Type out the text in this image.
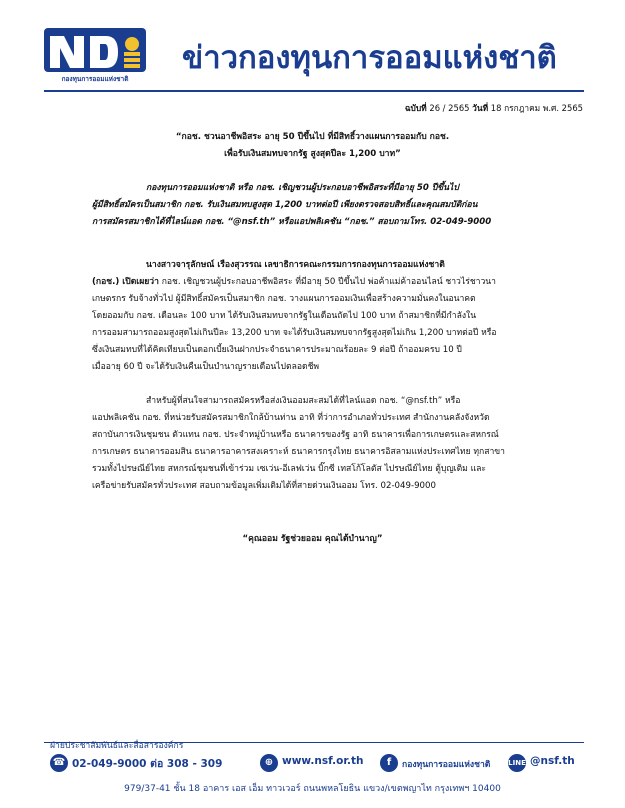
กองทุนการออมแห่งชาติ
ข่าวกองทุนการออมแห่งชาติ
ฉบับที่ 26 / 2565 วันที่ 18 กรกฎาคม พ.ศ. 2565
“กอช. ชวนอาชีพอิสระ อายุ 50 ปีขึ้นไป ที่มีสิทธิ์วางแผนการออมกับ กอช.
เพื่อรับเงินสมทบจากรัฐ สูงสุดปีละ 1,200 บาท”
กองทุนการออมแห่งชาติ หรือ กอช. เชิญชวนผู้ประกอบอาชีพอิสระที่มีอายุ 50 ปีขึ้นไป
ผู้มีสิทธิ์สมัครเป็นสมาชิก กอช. รับเงินสมทบสูงสุด 1,200 บาทต่อปี เพียงตรวจสอบสิทธิ์และคุณสมบัติก่อน
การสมัครสมาชิกได้ที่ไลน์แอด กอช. “@nsf.th” หรือแอปพลิเคชัน “กอช.” สอบถามโทร. 02-049-9000
นางสาวจารุลักษณ์ เรืองสุวรรณ เลขาธิการคณะกรรมการกองทุนการออมแห่งชาติ
(กอช.) เปิดเผยว่า กอช. เชิญชวนผู้ประกอบอาชีพอิสระ ที่มีอายุ 50 ปีขึ้นไป พ่อค้าแม่ค้าออนไลน์ ชาวไร่ชาวนา
เกษตรกร รับจ้างทั่วไป ผู้มีสิทธิ์สมัครเป็นสมาชิก กอช. วางแผนการออมเงินเพื่อสร้างความมั่นคงในอนาคต
โดยออมกับ กอช. เดือนละ 100 บาท ได้รับเงินสมทบจากรัฐในเดือนถัดไป 100 บาท ถ้าสมาชิกที่มีกำลังใน
การออมสามารถออมสูงสุดไม่เกินปีละ 13,200 บาท จะได้รับเงินสมทบจากรัฐสูงสุดไม่เกิน 1,200 บาทต่อปี หรือ
ซึ่งเงินสมทบที่ได้คิดเทียบเป็นดอกเบี้ยเงินฝากประจำธนาคารประมาณร้อยละ 9 ต่อปี ถ้าออมครบ 10 ปี
เมื่ออายุ 60 ปี จะได้รับเงินคืนเป็นบำนาญรายเดือนไปตลอดชีพ
สำหรับผู้ที่สนใจสามารถสมัครหรือส่งเงินออมสะสมได้ที่ไลน์แอด กอช. “@nsf.th” หรือ
แอปพลิเคชัน กอช. ที่หน่วยรับสมัครสมาชิกใกล้บ้านท่าน อาทิ ที่ว่าการอำเภอทั่วประเทศ สำนักงานคลังจังหวัด
สถาบันการเงินชุมชน ตัวแทน กอช. ประจำหมู่บ้านหรือ ธนาคารของรัฐ อาทิ ธนาคารเพื่อการเกษตรและสหกรณ์
การเกษตร ธนาคารออมสิน ธนาคารอาคารสงเคราะห์ ธนาคารกรุงไทย ธนาคารอิสลามแห่งประเทศไทย ทุกสาขา
รวมทั้งไปรษณีย์ไทย สหกรณ์ชุมชนที่เข้าร่วม เซเว่น-อีเลฟเว่น บิ๊กซี เทสโก้โลตัส ไปรษณีย์ไทย ตู้บุญเติม และ
เครือข่ายรับสมัครทั่วประเทศ สอบถามข้อมูลเพิ่มเติมได้ที่สายด่วนเงินออม โทร. 02-049-9000
“คุณออม รัฐช่วยออม คุณได้บำนาญ”
ฝ่ายประชาสัมพันธ์และสื่อสารองค์กร
☎ 02-049-9000 ต่อ 308 - 309	⊕ www.nsf.or.th	f	กองทุนการออมแห่งชาติ	LINE @nsf.th
979/37-41 ชั้น 18 อาคาร เอส เอ็ม ทาวเวอร์ ถนนพหลโยธิน แขวง/เขตพญาไท กรุงเทพฯ 10400
